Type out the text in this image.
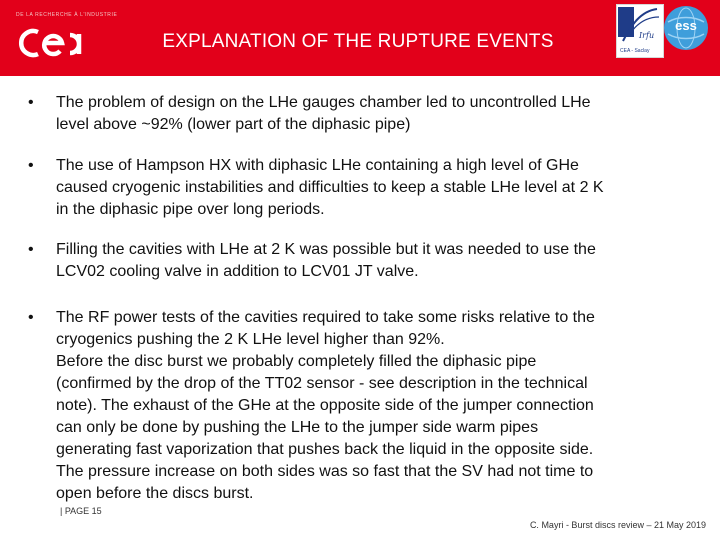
DE LA RECHERCHE À L'INDUSTRIE
EXPLANATION OF THE RUPTURE EVENTS	Irfu
CEA - Saclay
ess
• The problem of design on the LHe gauges chamber led to uncontrolled LHe

level above ~92% (lower part of the diphasic pipe)

• The use of Hampson HX with diphasic LHe containing a high level of GHe

caused cryogenic instabilities and difficulties to keep a stable LHe level at 2 K

in the diphasic pipe over long periods.

• Filling the cavities with LHe at 2 K was possible but it was needed to use the

LCV02 cooling valve in addition to LCV01 JT valve.

• The RF power tests of the cavities required to take some risks relative to the

cryogenics pushing the 2 K LHe level higher than 92%.

Before the disc burst we probably completely filled the diphasic pipe

(confirmed by the drop of the TT02 sensor - see description in the technical

note). The exhaust of the GHe at the opposite side of the jumper connection

can only be done by pushing the LHe to the jumper side warm pipes

generating fast vaporization that pushes back the liquid in the opposite side.

The pressure increase on both sides was so fast that the SV had not time to

open before the discs burst.

| PAGE 15
C. Mayri - Burst discs review – 21 May 2019
